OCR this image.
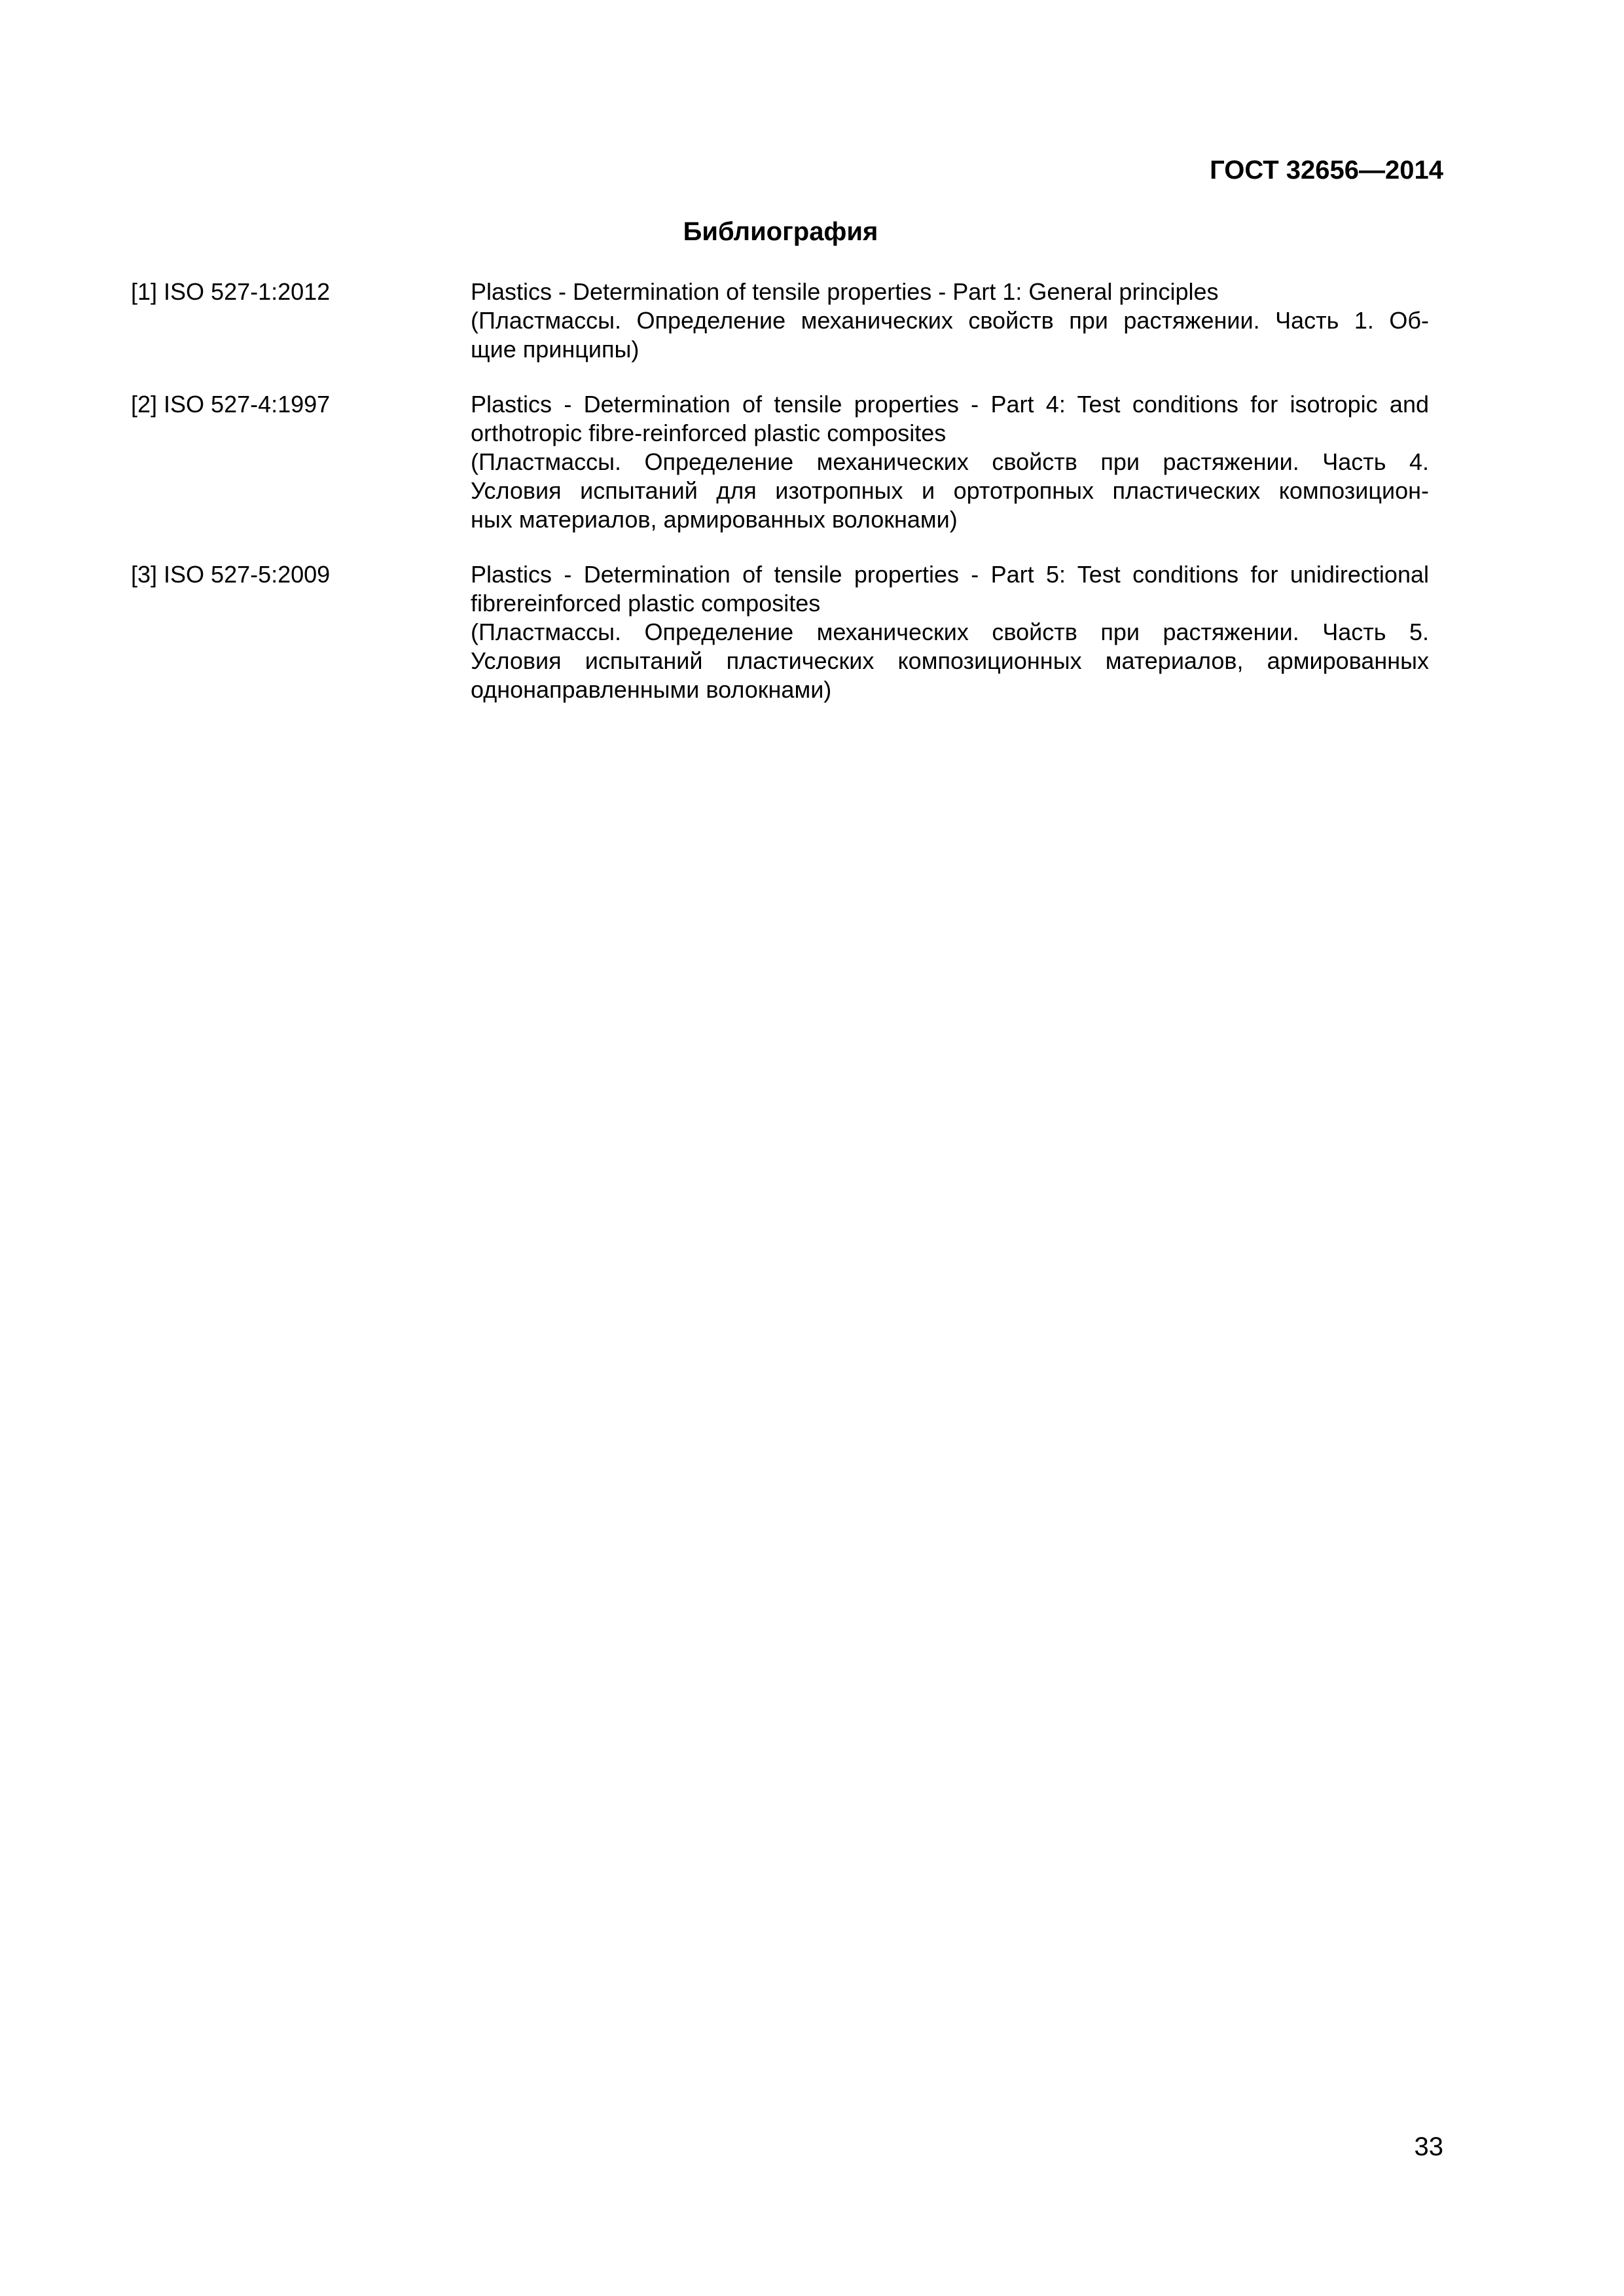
ГОСТ 32656—2014
Библиография
[1] ISO 527-1:2012	Plastics - Determination of tensile properties - Part 1: General principles
(Пластмассы. Определение механических свойств при растяжении. Часть 1. Об-
щие принципы)
[2] ISO 527-4:1997	Plastics - Determination of tensile properties - Part 4: Test conditions for isotropic and
orthotropic fibre-reinforced plastic composites
(Пластмассы. Определение механических свойств при растяжении. Часть 4.
Условия испытаний для изотропных и ортотропных пластических композицион-
ных материалов, армированных волокнами)
[3] ISO 527-5:2009	Plastics - Determination of tensile properties - Part 5: Test conditions for unidirectional
fibrereinforced plastic composites
(Пластмассы. Определение механических свойств при растяжении. Часть 5.
Условия испытаний пластических композиционных материалов, армированных
однонаправленными волокнами)
33
